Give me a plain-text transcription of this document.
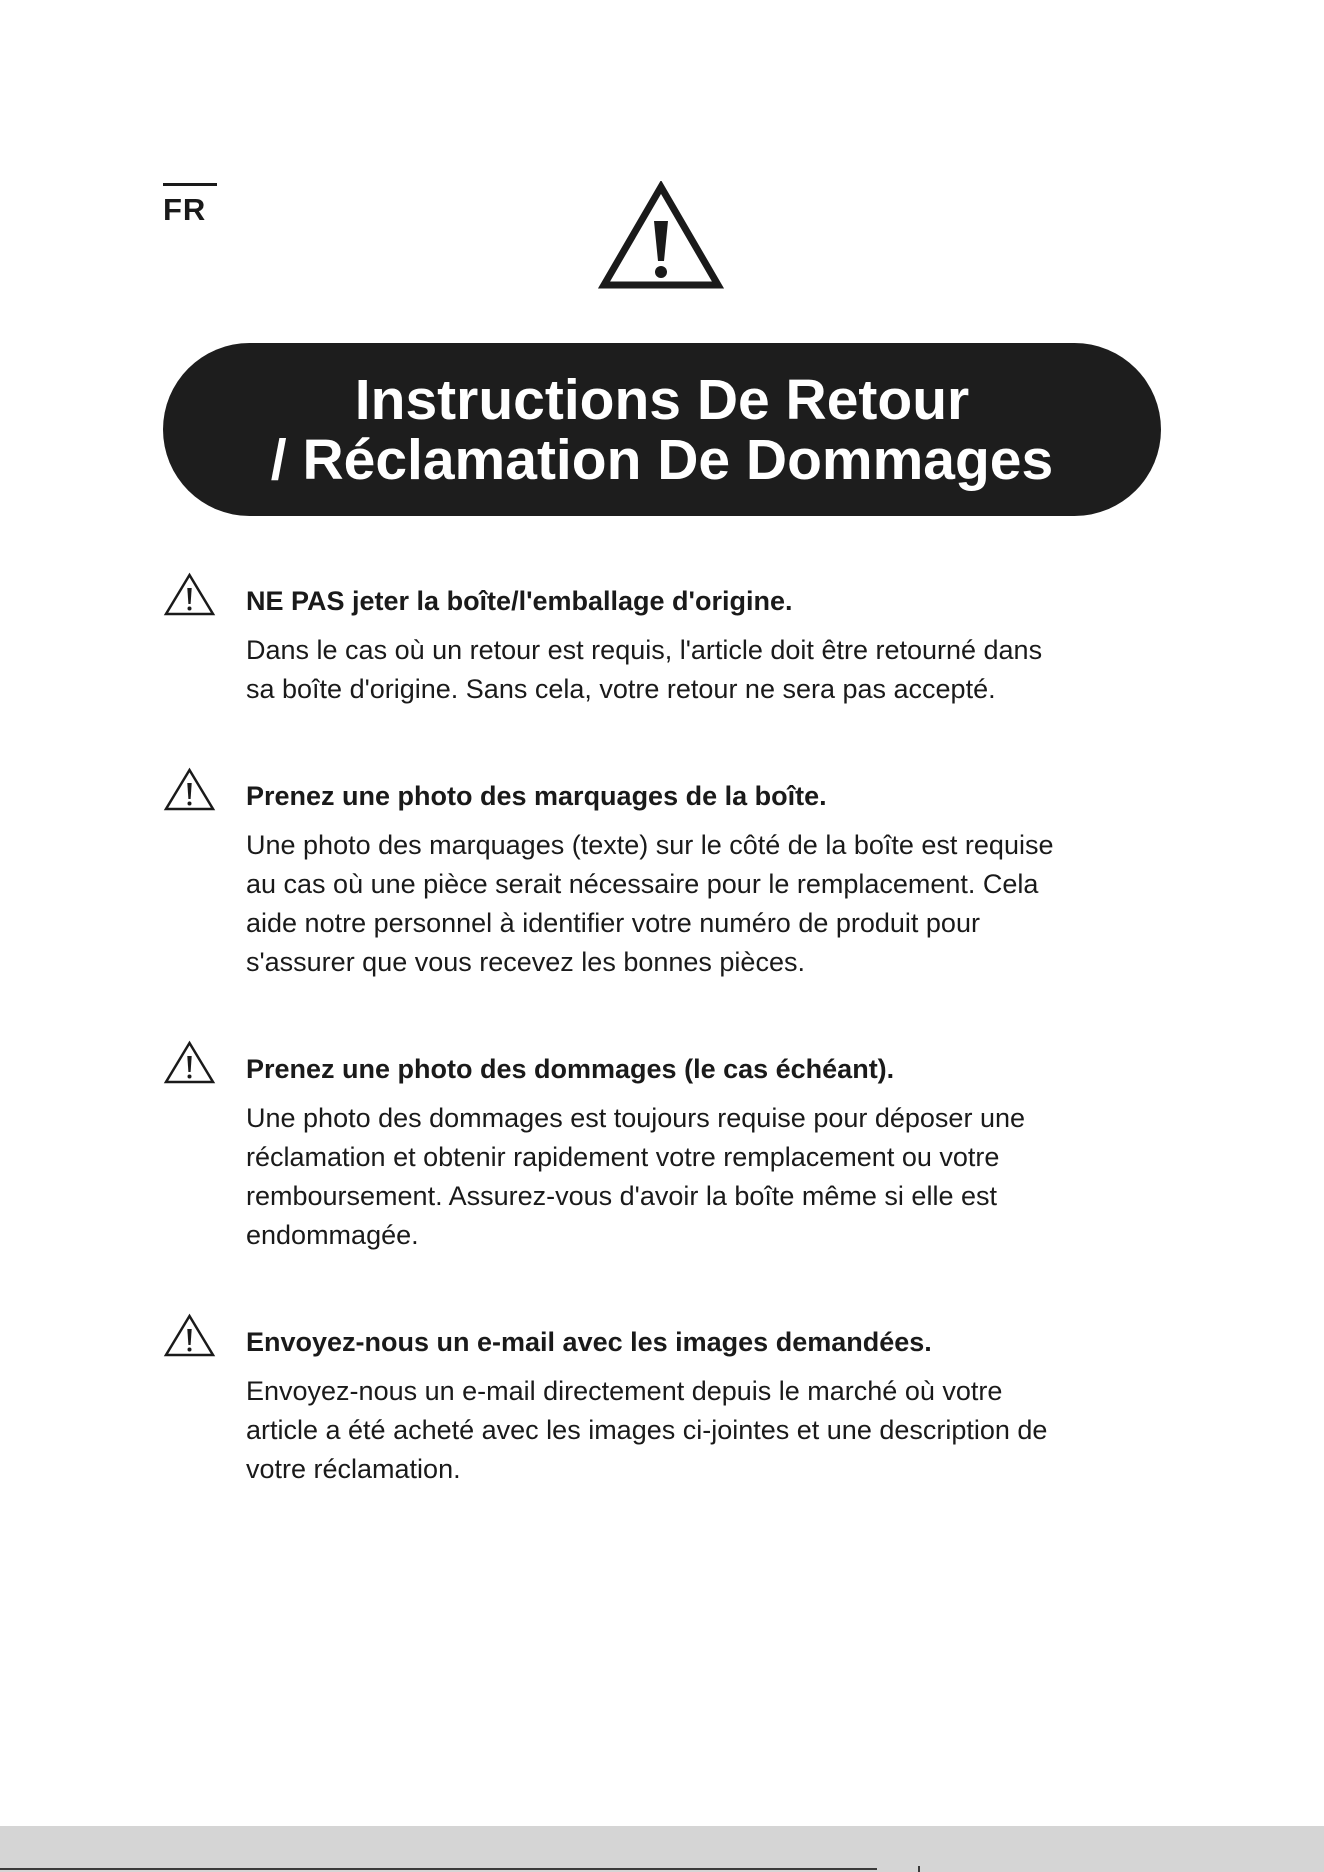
FR
Instructions De Retour
/ Réclamation De Dommages
NE PAS jeter la boîte/l'emballage d'origine.
Dans le cas où un retour est requis, l'article doit être retourné dans
sa boîte d'origine. Sans cela, votre retour ne sera pas accepté.
Prenez une photo des marquages de la boîte.
Une photo des marquages (texte) sur le côté de la boîte est requise
au cas où une pièce serait nécessaire pour le remplacement. Cela
aide notre personnel à identifier votre numéro de produit pour
s'assurer que vous recevez les bonnes pièces.
Prenez une photo des dommages (le cas échéant).
Une photo des dommages est toujours requise pour déposer une
réclamation et obtenir rapidement votre remplacement ou votre
remboursement. Assurez-vous d'avoir la boîte même si elle est
endommagée.
Envoyez-nous un e-mail avec les images demandées.
Envoyez-nous un e-mail directement depuis le marché où votre
article a été acheté avec les images ci-jointes et une description de
votre réclamation.
